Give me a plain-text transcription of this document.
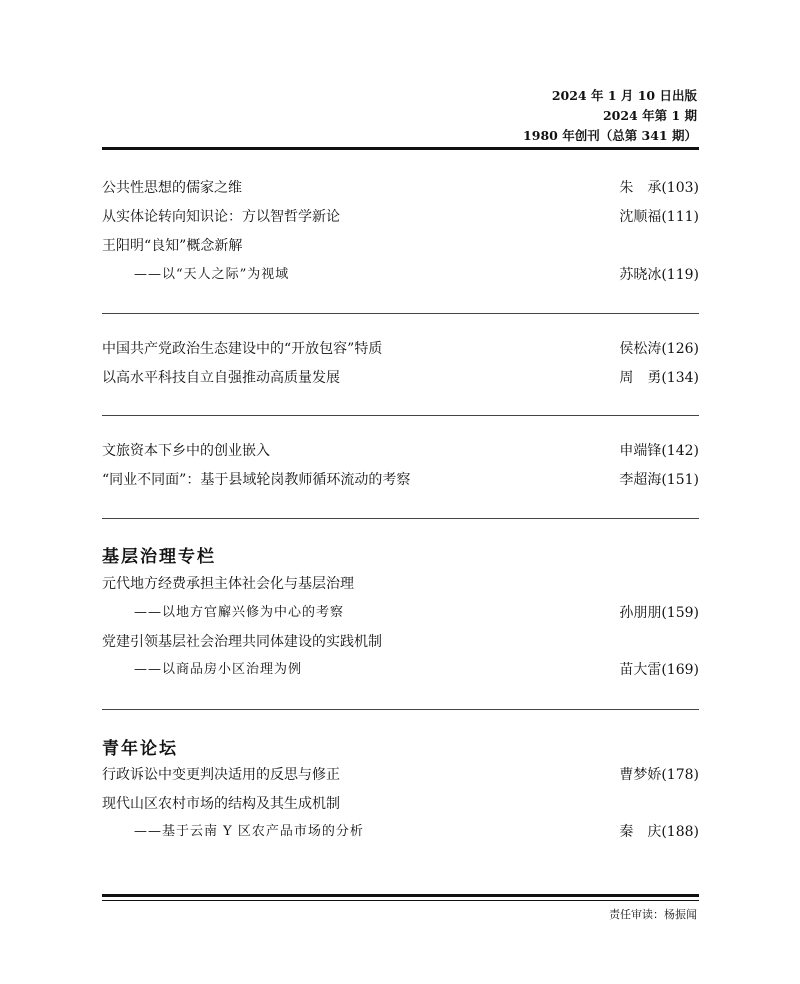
2024 年 1 月 10 日出版
2024 年第 1 期
1980 年创刊（总第 341 期）
公共性思想的儒家之维	朱　承(103)
从实体论转向知识论：方以智哲学新论	沈顺福(111)
王阳明“良知”概念新解
——以“天人之际”为视域	苏晓冰(119)
中国共产党政治生态建设中的“开放包容”特质	侯松涛(126)
以高水平科技自立自强推动高质量发展	周　勇(134)
文旅资本下乡中的创业嵌入	申端锋(142)
“同业不同面”：基于县域轮岗教师循环流动的考察	李超海(151)
基层治理专栏
元代地方经费承担主体社会化与基层治理
——以地方官廨兴修为中心的考察	孙朋朋(159)
党建引领基层社会治理共同体建设的实践机制
——以商品房小区治理为例	苗大雷(169)
青年论坛
行政诉讼中变更判决适用的反思与修正	曹梦娇(178)
现代山区农村市场的结构及其生成机制
——基于云南 Y 区农产品市场的分析	秦　庆(188)
责任审读：杨振闻
